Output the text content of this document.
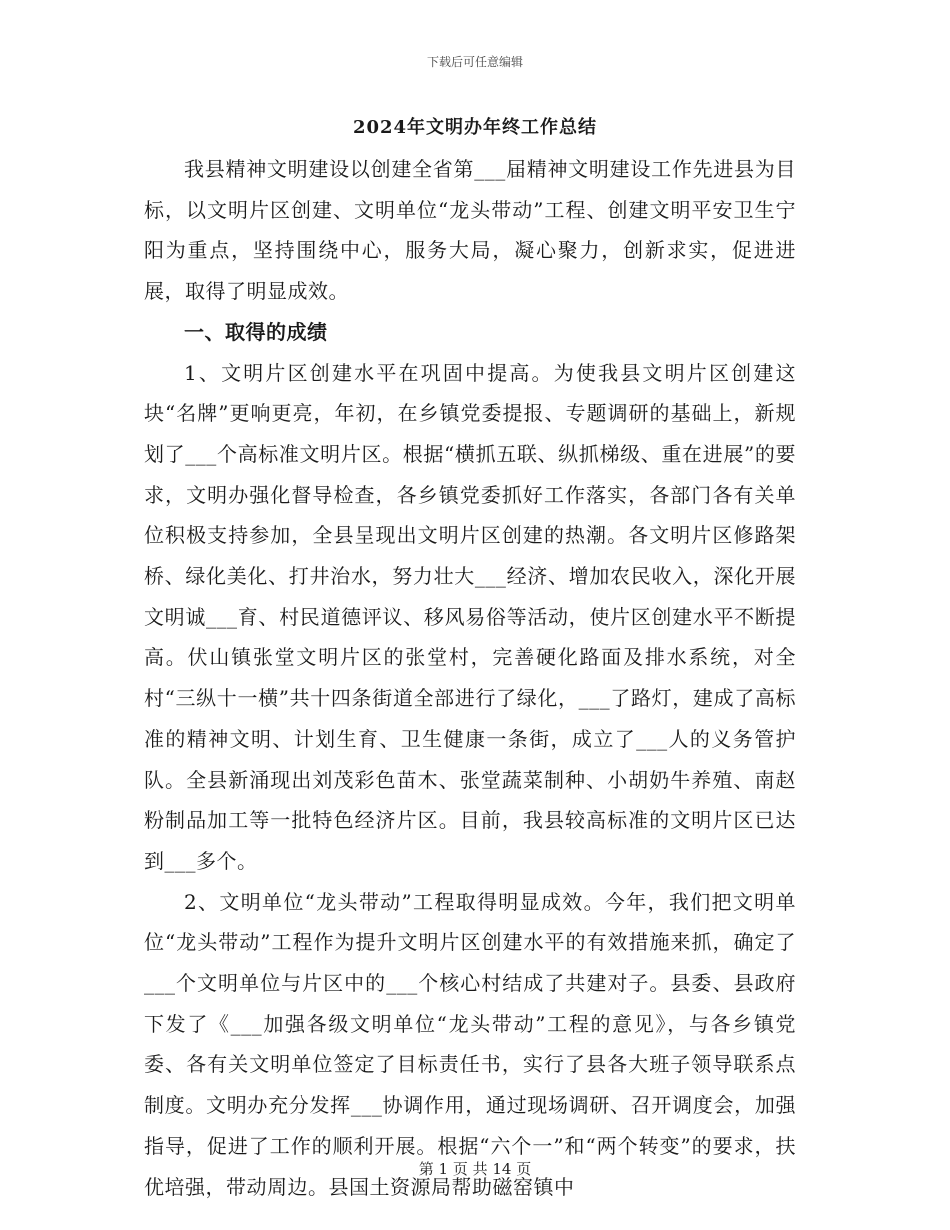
下载后可任意编辑
2024年文明办年终工作总结

我县精神文明建设以创建全省第___届精神文明建设工作先进县为目标，以文明片区创建、文明单位“龙头带动”工程、创建文明平安卫生宁阳为重点，坚持围绕中心，服务大局，凝心聚力，创新求实，促进进展，取得了明显成效。

一、取得的成绩

1、文明片区创建水平在巩固中提高。为使我县文明片区创建这块“名牌”更响更亮，年初，在乡镇党委提报、专题调研的基础上，新规划了___个高标准文明片区。根据“横抓五联、纵抓梯级、重在进展”的要求，文明办强化督导检查，各乡镇党委抓好工作落实，各部门各有关单位积极支持参加，全县呈现出文明片区创建的热潮。各文明片区修路架桥、绿化美化、打井治水，努力壮大___经济、增加农民收入，深化开展文明诚___育、村民道德评议、移风易俗等活动，使片区创建水平不断提高。伏山镇张堂文明片区的张堂村，完善硬化路面及排水系统，对全村“三纵十一横”共十四条街道全部进行了绿化，___了路灯，建成了高标准的精神文明、计划生育、卫生健康一条街，成立了___人的义务管护队。全县新涌现出刘茂彩色苗木、张堂蔬菜制种、小胡奶牛养殖、南赵粉制品加工等一批特色经济片区。目前，我县较高标准的文明片区已达到___多个。

2、文明单位“龙头带动”工程取得明显成效。今年，我们把文明单位“龙头带动”工程作为提升文明片区创建水平的有效措施来抓，确定了___个文明单位与片区中的___个核心村结成了共建对子。县委、县政府下发了《___加强各级文明单位“龙头带动”工程的意见》，与各乡镇党委、各有关文明单位签定了目标责任书，实行了县各大班子领导联系点制度。文明办充分发挥___协调作用，通过现场调研、召开调度会，加强指导，促进了工作的顺利开展。根据“六个一”和“两个转变”的要求，扶优培强，带动周边。县国土资源局帮助磁窑镇中

第 1 页 共 14 页
